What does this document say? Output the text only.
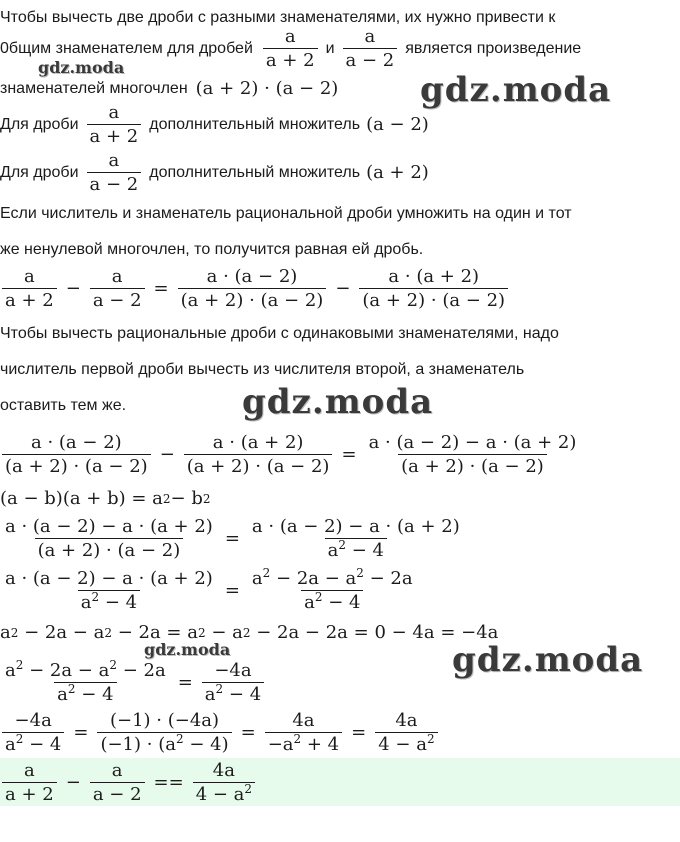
gdz.moda
gdz.moda
gdz.moda
gdz.moda	gdz.moda
Чтобы вычесть две дроби с разными знаменателями, их нужно привести к
0бщим знаменателем для дробей $\frac{a}{a + 2}$ и $\frac{a}{a - 2}$ является произведение
знаменателей многочлен (a + 2) · (a − 2)
Для дроби $\frac{a}{a + 2}$ дополнительный множитель (a − 2)
Для дроби $\frac{a}{a - 2}$ дополнительный множитель (a + 2)
Если числитель и знаменатель рациональной дроби умножить на один и тот
же ненулевой многочлен, то получится равная ей дробь.
$\frac{a}{a + 2} - \frac{a}{a - 2} = \frac{a \cdot (a - 2)}{(a + 2) \cdot (a - 2)} - \frac{a \cdot (a + 2)}{(a + 2) \cdot (a - 2)}$
Чтобы вычесть рациональные дроби с одинаковыми знаменателями, надо
числитель первой дроби вычесть из числителя второй, а знаменатель
оставить тем же.
$\frac{a \cdot (a - 2)}{(a + 2) \cdot (a - 2)} - \frac{a \cdot (a + 2)}{(a + 2) \cdot (a - 2)} = \frac{a \cdot (a - 2) - a \cdot (a + 2)}{(a + 2) \cdot (a - 2)}$
(a − b)(a + b) = a 2 − b 2
$\frac{a \cdot (a - 2) - a \cdot (a + 2)}{(a + 2) \cdot (a - 2)} = \frac{a \cdot (a - 2) - a \cdot (a + 2)}{a^2 - 4}$
$\frac{a \cdot (a - 2) - a \cdot (a + 2)}{a^2 - 4} = \frac{a^2 - 2a - a^2 - 2a}{a^2 - 4}$
a 2 − 2a − a 2 − 2a = a 2 − a 2 − 2a − 2a = 0 − 4a = −4a
$\frac{a^2 - 2a - a^2 - 2a}{a^2 - 4} = \frac{-4a}{a^2 - 4}$
$\frac{-4a}{a^2 - 4} = \frac{(-1) \cdot (-4a)}{(-1) \cdot (a^2 - 4)} = \frac{4a}{-a^2 + 4} = \frac{4a}{4 - a^2}$
$\frac{a}{a + 2} - \frac{a}{a - 2} == \frac{4a}{4 - a^2}$
